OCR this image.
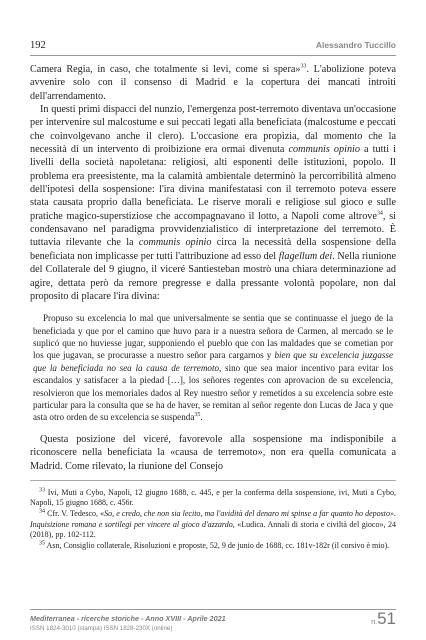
192	Alessandro Tuccillo

Camera Regia, in caso, che totalmente si levi, come si spera»$^{33}$. L'abolizione poteva avvenire solo con il consenso di Madrid e la copertura dei mancati introiti dell'arrendamento.

In questi primi dispacci del nunzio, l'emergenza post-terremoto diventava un'occasione per intervenire sul malcostume e sui peccati legati alla beneficiata (malcostume e peccati che coinvolgevano anche il clero). L'occasione era propizia, dal momento che la necessità di un intervento di proibizione era ormai divenuta communis opinio a tutti i livelli della società napoletana: religiosi, alti esponenti delle istituzioni, popolo. Il problema era preesistente, ma la calamità ambientale determinò la percorribilità almeno dell'ipotesi della sospensione: l'ira divina manifestatasi con il terremoto poteva essere stata causata proprio dalla beneficiata. Le riserve morali e religiose sul gioco e sulle pratiche magico-superstiziose che accompagnavano il lotto, a Napoli come altrove$^{34}$, si condensavano nel paradigma provvidenzialistico di interpretazione del terremoto. È tuttavia rilevante che la communis opinio circa la necessità della sospensione della beneficiata non implicasse per tutti l'attribuzione ad esso del flagellum dei. Nella riunione del Collaterale del 9 giugno, il viceré Santiesteban mostrò una chiara determinazione ad agire, dettata però da remore pregresse e dalla pressante volontà popolare, non dal proposito di placare l'ira divina:

Propuso su excelencia lo mal que universalmente se sentia que se continuasse el juego de la beneficiada y que por el camino que huvo para ir a nuestra señora de Carmen, al mercado se le suplicó que no huviesse jugar, supponiendo el pueblo que con las maldades que se cometian por los que jugavan, se procurasse a nuestro señor para cargarnos y bien que su excelencia juzgasse que la beneficiada no sea la causa de terremoto, sino que sea maior incentivo para evitar los escandalos y satisfacer a la piedad […], los señores regentes con aprovacion de su excelencia, resolvieron que los memoriales dados al Rey nuestro señor y remetidos a su excelencia sobre este particular para la consulta que se ha de haver, se remitan al señor regente don Lucas de Jaca y que asta otro orden de su excelencia se suspenda$^{35}$.

Questa posizione del viceré, favorevole alla sospensione ma indisponibile a riconoscere nella beneficiata la «causa de terremoto», non era quella comunicata a Madrid. Come rilevato, la riunione del Consejo

$^{33}$ Ivi, Muti a Cybo, Napoli, 12 giugno 1688, c. 445, e per la conferma della sospensione, ivi, Muti a Cybo, Napoli, 15 giugno 1688, c. 456r.

$^{34}$ Cfr. V. Tedesco, «So, e credo, che non sia lecito, ma l'avidità del denaro mi spinse a far quanto ho deposto». Inquisizione romana e sortilegi per vincere al gioco d'azzardo, «Ludica. Annali di storia e civiltà del gioco», 24 (2018), pp. 102-112.

$^{35}$ Asn, Consiglio collaterale, Risoluzioni e proposte, 52, 9 de junio de 1688, cc. 181v-182r (il corsivo è mio).

Mediterranea - ricerche storiche - Anno XVIII - Aprile 2021
ISSN 1824-3010 (stampa) ISSN 1828-230X (online)
n.51
